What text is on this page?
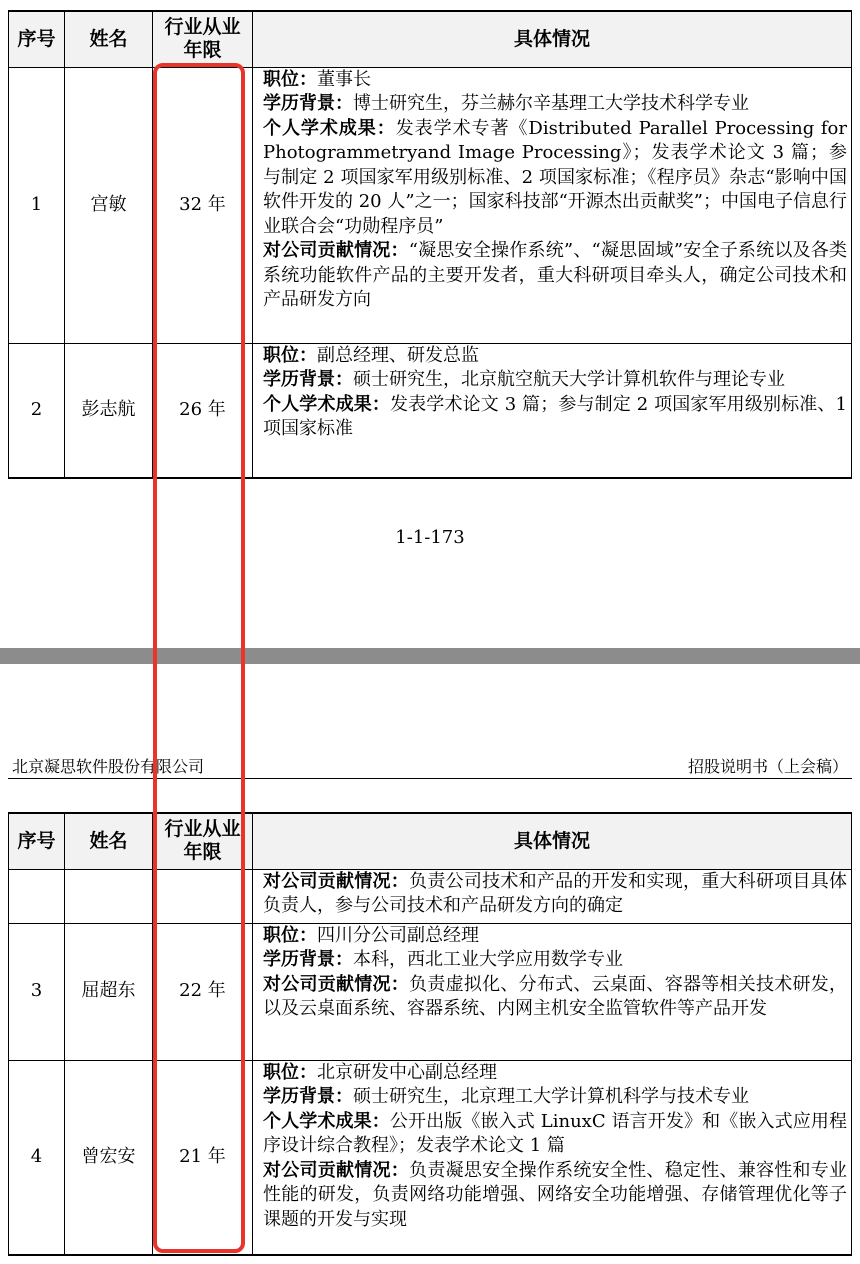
序号	姓名	行业从业年限	具体情况
1	宫敏	32 年	职位：董事长
学历背景：博士研究生，芬兰赫尔辛基理工大学技术科学专业
个人学术成果：发表学术专著《Distributed Parallel Processing for Photogrammetryand Image Processing》；发表学术论文 3 篇；参与制定 2 项国家军用级别标准、2 项国家标准；《程序员》杂志“影响中国软件开发的 20 人”之一；国家科技部“开源杰出贡献奖”；中国电子信息行业联合会“功勋程序员”
对公司贡献情况：“凝思安全操作系统”、“凝思固域”安全子系统以及各类系统功能软件产品的主要开发者，重大科研项目牵头人，确定公司技术和产品研发方向

2	彭志航	26 年	职位：副总经理、研发总监
学历背景：硕士研究生，北京航空航天大学计算机软件与理论专业
个人学术成果：发表学术论文 3 篇；参与制定 2 项国家军用级别标准、1 项国家标准
1-1-173
北京凝思软件股份有限公司	招股说明书（上会稿）
序号	姓名	行业从业年限	具体情况

			对公司贡献情况：负责公司技术和产品的开发和实现，重大科研项目具体负责人，参与公司技术和产品研发方向的确定

3	屈超东	22 年	职位：四川分公司副总经理
学历背景：本科，西北工业大学应用数学专业
对公司贡献情况：负责虚拟化、分布式、云桌面、容器等相关技术研发，以及云桌面系统、容器系统、内网主机安全监管软件等产品开发

4	曾宏安	21 年	职位：北京研发中心副总经理
学历背景：硕士研究生，北京理工大学计算机科学与技术专业
个人学术成果：公开出版《嵌入式 LinuxC 语言开发》和《嵌入式应用程序设计综合教程》；发表学术论文 1 篇
对公司贡献情况：负责凝思安全操作系统安全性、稳定性、兼容性和专业性能的研发，负责网络功能增强、网络安全功能增强、存储管理优化等子课题的开发与实现
